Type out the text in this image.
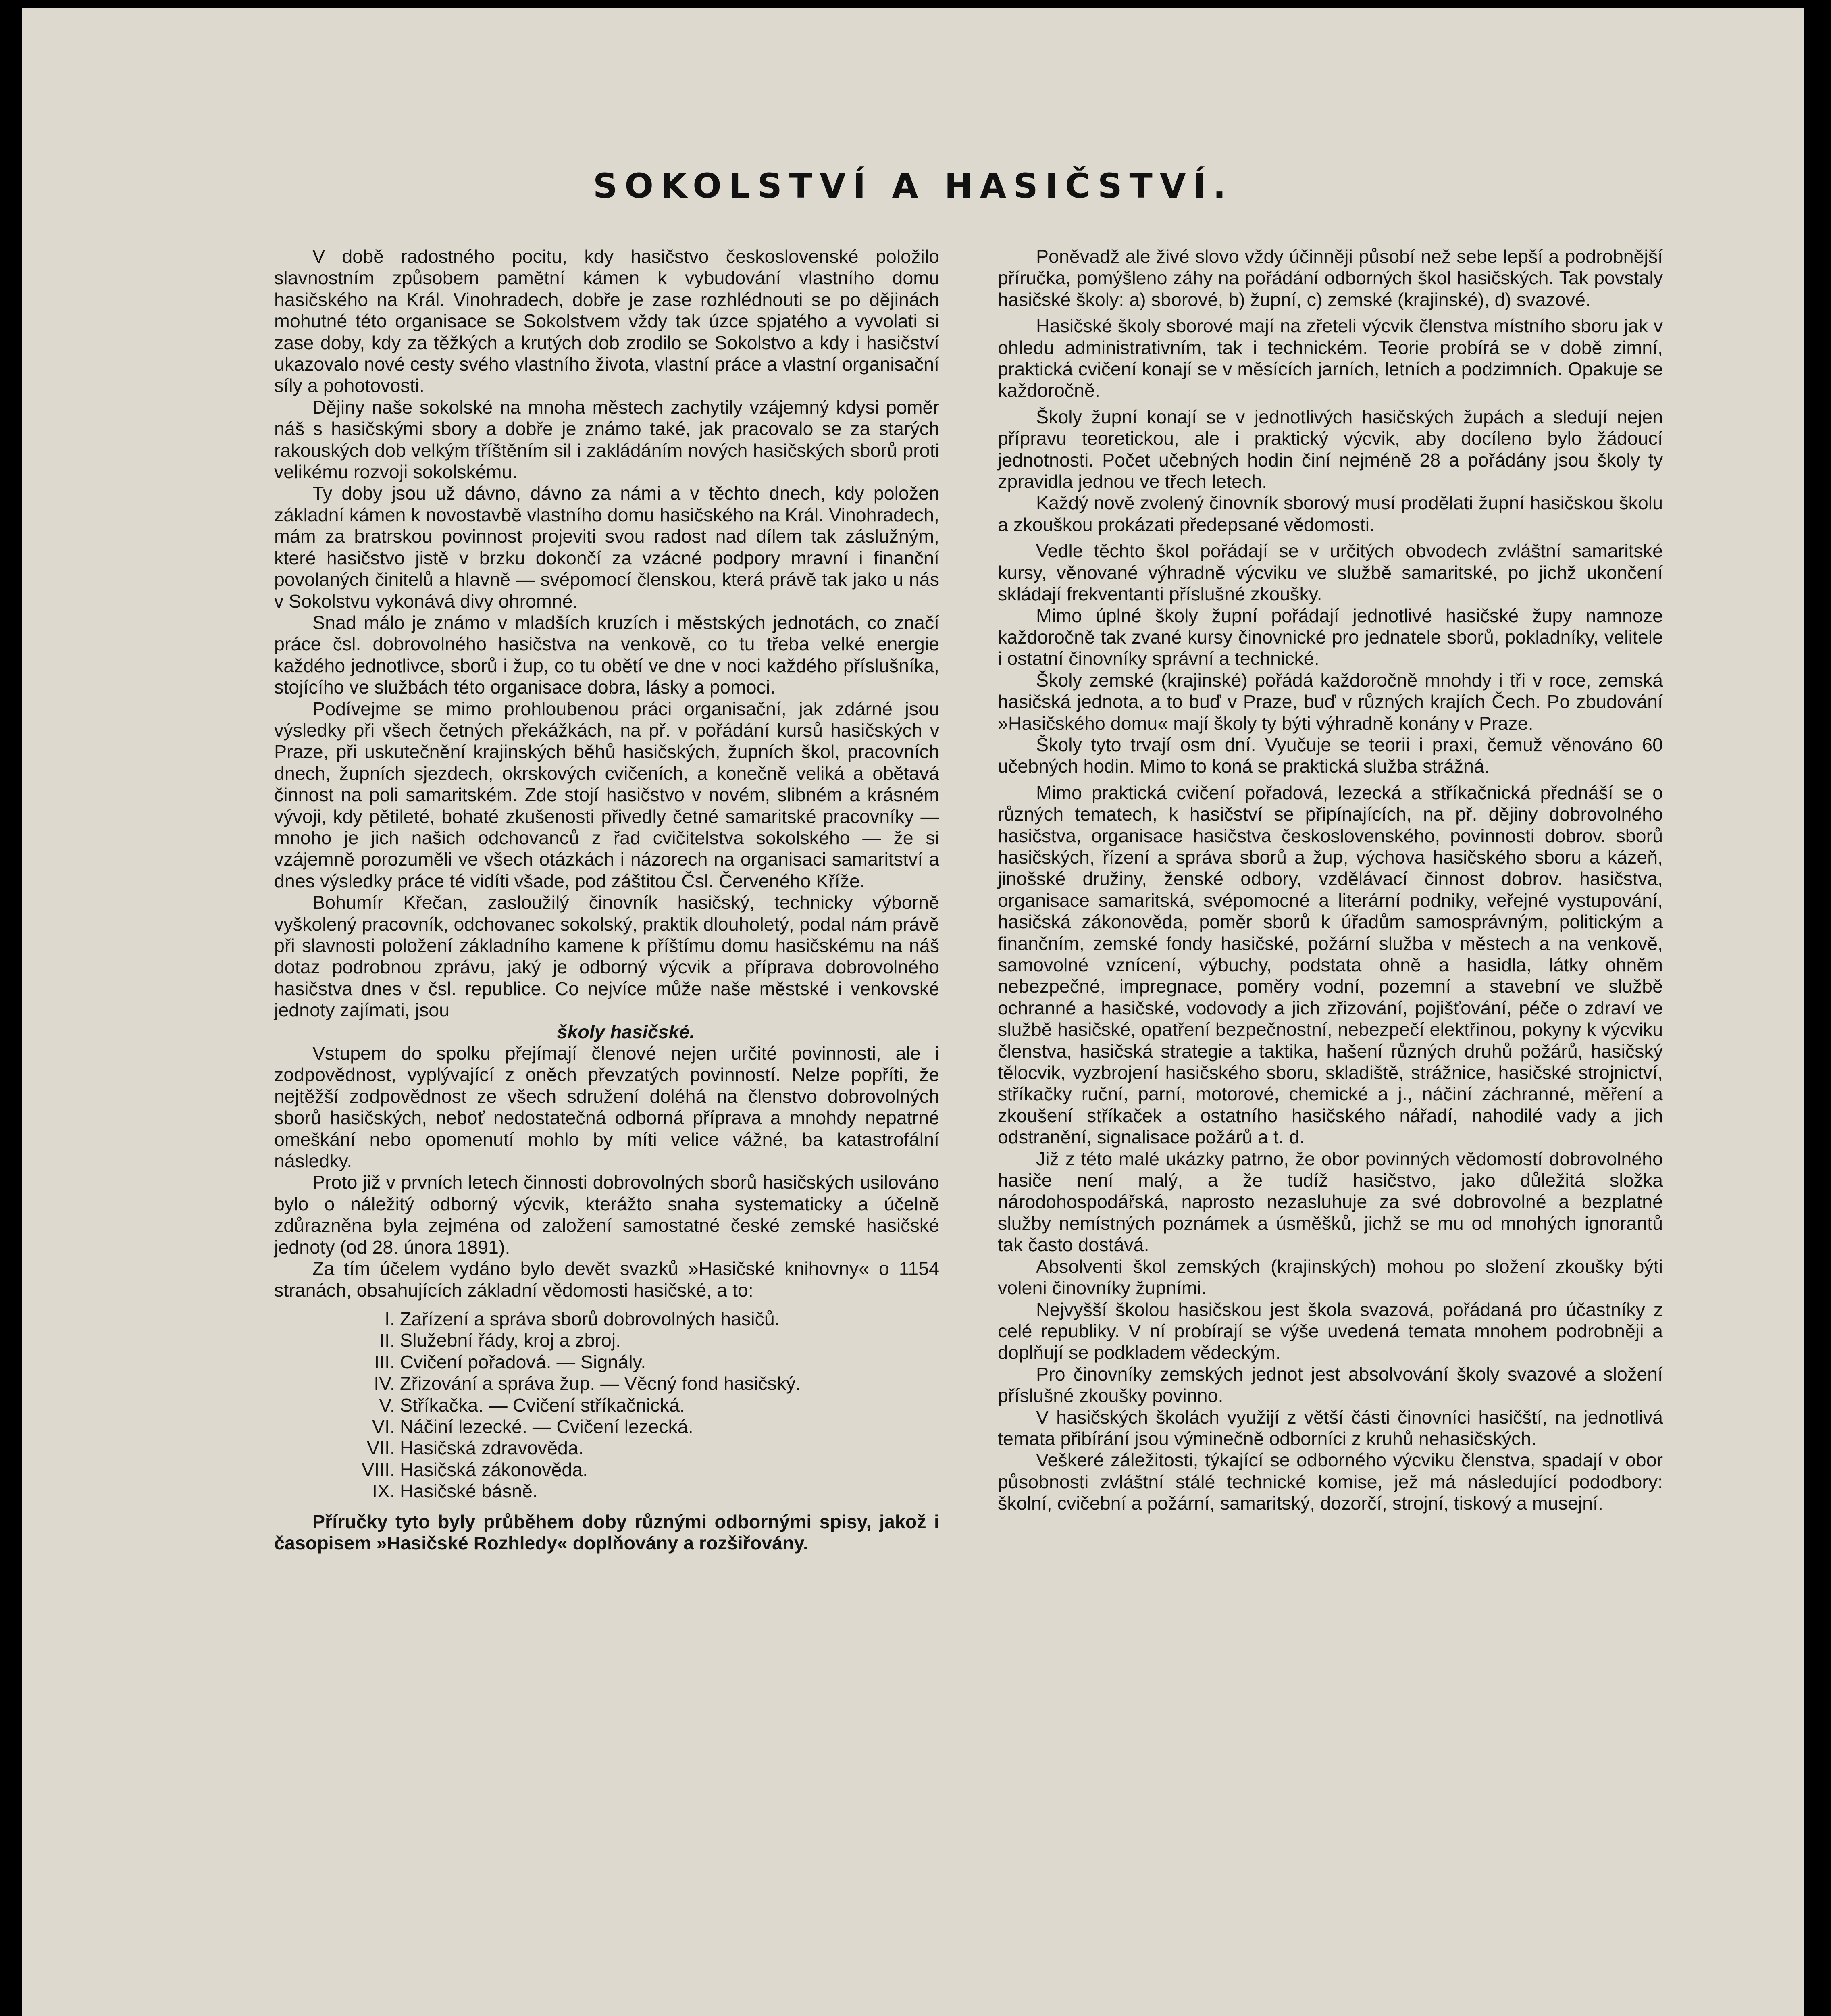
SOKOLSTVÍ A HASIČSTVÍ.

V době radostného pocitu, kdy hasičstvo československé položilo slavnostním způsobem pamětní kámen k vybudování vlastního domu hasičského na Král. Vinohradech, dobře je zase rozhlédnouti se po dějinách mohutné této organisace se Sokolstvem vždy tak úzce spjatého a vyvolati si zase doby, kdy za těžkých a krutých dob zrodilo se Sokolstvo a kdy i hasičství ukazovalo nové cesty svého vlastního života, vlastní práce a vlastní organisační síly a pohotovosti.

Dějiny naše sokolské na mnoha městech zachytily vzájemný kdysi poměr náš s hasičskými sbory a dobře je známo také, jak pracovalo se za starých rakouských dob velkým tříštěním sil i zakládáním nových hasičských sborů proti velikému rozvoji sokolskému.

Ty doby jsou už dávno, dávno za námi a v těchto dnech, kdy položen základní kámen k novostavbě vlastního domu hasičského na Král. Vinohradech, mám za bratrskou povinnost projeviti svou radost nad dílem tak záslužným, které hasičstvo jistě v brzku dokončí za vzácné podpory mravní i finanční povolaných činitelů a hlavně — svépomocí členskou, která právě tak jako u nás v Sokolstvu vykonává divy ohromné.

Snad málo je známo v mladších kruzích i městských jednotách, co značí práce čsl. dobrovolného hasičstva na venkově, co tu třeba velké energie každého jednotlivce, sborů i žup, co tu obětí ve dne v noci každého příslušníka, stojícího ve službách této organisace dobra, lásky a pomoci.

Podívejme se mimo prohloubenou práci organisační, jak zdárné jsou výsledky při všech četných překážkách, na př. v pořádání kursů hasičských v Praze, při uskutečnění krajinských běhů hasičských, župních škol, pracovních dnech, župních sjezdech, okrskových cvičeních, a konečně veliká a obětavá činnost na poli samaritském. Zde stojí hasičstvo v novém, slibném a krásném vývoji, kdy pětileté, bohaté zkušenosti přivedly četné samaritské pracovníky — mnoho je jich našich odchovanců z řad cvičitelstva sokolského — že si vzájemně porozuměli ve všech otázkách i názorech na organisaci samaritství a dnes výsledky práce té vidíti všade, pod záštitou Čsl. Červeného Kříže.

Bohumír Křečan, zasloužilý činovník hasičský, technicky výborně vyškolený pracovník, odchovanec sokolský, praktik dlouholetý, podal nám právě při slavnosti položení základního kamene k příštímu domu hasičskému na náš dotaz podrobnou zprávu, jaký je odborný výcvik a příprava dobrovolného hasičstva dnes v čsl. republice. Co nejvíce může naše městské i venkovské jednoty zajímati, jsou

školy hasičské.

Vstupem do spolku přejímají členové nejen určité povinnosti, ale i zodpovědnost, vyplývající z oněch převzatých povinností. Nelze popříti, že nejtěžší zodpovědnost ze všech sdružení doléhá na členstvo dobrovolných sborů hasičských, neboť nedostatečná odborná příprava a mnohdy nepatrné omeškání nebo opomenutí mohlo by míti velice vážné, ba katastrofální následky.

Proto již v prvních letech činnosti dobrovolných sborů hasičských usilováno bylo o náležitý odborný výcvik, kterážto snaha systematicky a účelně zdůrazněna byla zejména od založení samostatné české zemské hasičské jednoty (od 28. února 1891).

Za tím účelem vydáno bylo devět svazků »Hasičské knihovny« o 1154 stranách, obsahujících základní vědomosti hasičské, a to:

I. Zařízení a správa sborů dobrovolných hasičů.
II. Služební řády, kroj a zbroj.
III. Cvičení pořadová. — Signály.
IV. Zřizování a správa žup. — Věcný fond hasičský.
V. Stříkačka. — Cvičení stříkačnická.
VI. Náčiní lezecké. — Cvičení lezecká.
VII. Hasičská zdravověda.
VIII. Hasičská zákonověda.
IX. Hasičské básně.

Příručky tyto byly průběhem doby různými odbornými spisy, jakož i časopisem »Hasičské Rozhledy« doplňovány a rozšiřovány.

Poněvadž ale živé slovo vždy účinněji působí než sebe lepší a podrobnější příručka, pomýšleno záhy na pořádání odborných škol hasičských. Tak povstaly hasičské školy: a) sborové, b) župní, c) zemské (krajinské), d) svazové.

Hasičské školy sborové mají na zřeteli výcvik členstva místního sboru jak v ohledu administrativním, tak i technickém. Teorie probírá se v době zimní, praktická cvičení konají se v měsících jarních, letních a podzimních. Opakuje se každoročně.

Školy župní konají se v jednotlivých hasičských župách a sledují nejen přípravu teoretickou, ale i praktický výcvik, aby docíleno bylo žádoucí jednotnosti. Počet učebných hodin činí nejméně 28 a pořádány jsou školy ty zpravidla jednou ve třech letech.

Každý nově zvolený činovník sborový musí prodělati župní hasičskou školu a zkouškou prokázati předepsané vědomosti.

Vedle těchto škol pořádají se v určitých obvodech zvláštní samaritské kursy, věnované výhradně výcviku ve službě samaritské, po jichž ukončení skládají frekventanti příslušné zkoušky.

Mimo úplné školy župní pořádají jednotlivé hasičské župy namnoze každoročně tak zvané kursy činovnické pro jednatele sborů, pokladníky, velitele i ostatní činovníky správní a technické.

Školy zemské (krajinské) pořádá každoročně mnohdy i tři v roce, zemská hasičská jednota, a to buď v Praze, buď v různých krajích Čech. Po zbudování »Hasičského domu« mají školy ty býti výhradně konány v Praze.

Školy tyto trvají osm dní. Vyučuje se teorii i praxi, čemuž věnováno 60 učebných hodin. Mimo to koná se praktická služba strážná.

Mimo praktická cvičení pořadová, lezecká a stříkačnická přednáší se o různých tematech, k hasičství se připínajících, na př. dějiny dobrovolného hasičstva, organisace hasičstva československého, povinnosti dobrov. sborů hasičských, řízení a správa sborů a žup, výchova hasičského sboru a kázeň, jinošské družiny, ženské odbory, vzdělávací činnost dobrov. hasičstva, organisace samaritská, svépomocné a literární podniky, veřejné vystupování, hasičská zákonověda, poměr sborů k úřadům samosprávným, politickým a finančním, zemské fondy hasičské, požární služba v městech a na venkově, samovolné vznícení, výbuchy, podstata ohně a hasidla, látky ohněm nebezpečné, impregnace, poměry vodní, pozemní a stavební ve službě ochranné a hasičské, vodovody a jich zřizování, pojišťování, péče o zdraví ve službě hasičské, opatření bezpečnostní, nebezpečí elektřinou, pokyny k výcviku členstva, hasičská strategie a taktika, hašení různých druhů požárů, hasičský tělocvik, vyzbrojení hasičského sboru, skladiště, strážnice, hasičské strojnictví, stříkačky ruční, parní, motorové, chemické a j., náčiní záchranné, měření a zkoušení stříkaček a ostatního hasičského nářadí, nahodilé vady a jich odstranění, signalisace požárů a t. d.

Již z této malé ukázky patrno, že obor povinných vědomostí dobrovolného hasiče není malý, a že tudíž hasičstvo, jako důležitá složka národohospodářská, naprosto nezasluhuje za své dobrovolné a bezplatné služby nemístných poznámek a úsměšků, jichž se mu od mnohých ignorantů tak často dostává.

Absolventi škol zemských (krajinských) mohou po složení zkoušky býti voleni činovníky župními.

Nejvyšší školou hasičskou jest škola svazová, pořádaná pro účastníky z celé republiky. V ní probírají se výše uvedená temata mnohem podrobněji a doplňují se podkladem vědeckým.

Pro činovníky zemských jednot jest absolvování školy svazové a složení příslušné zkoušky povinno.

V hasičských školách využijí z větší části činovníci hasičští, na jednotlivá temata přibírání jsou výminečně odborníci z kruhů nehasičských.

Veškeré záležitosti, týkající se odborného výcviku členstva, spadají v obor působnosti zvláštní stálé technické komise, jež má následující pododbory: školní, cvičební a požární, samaritský, dozorčí, strojní, tiskový a musejní.
